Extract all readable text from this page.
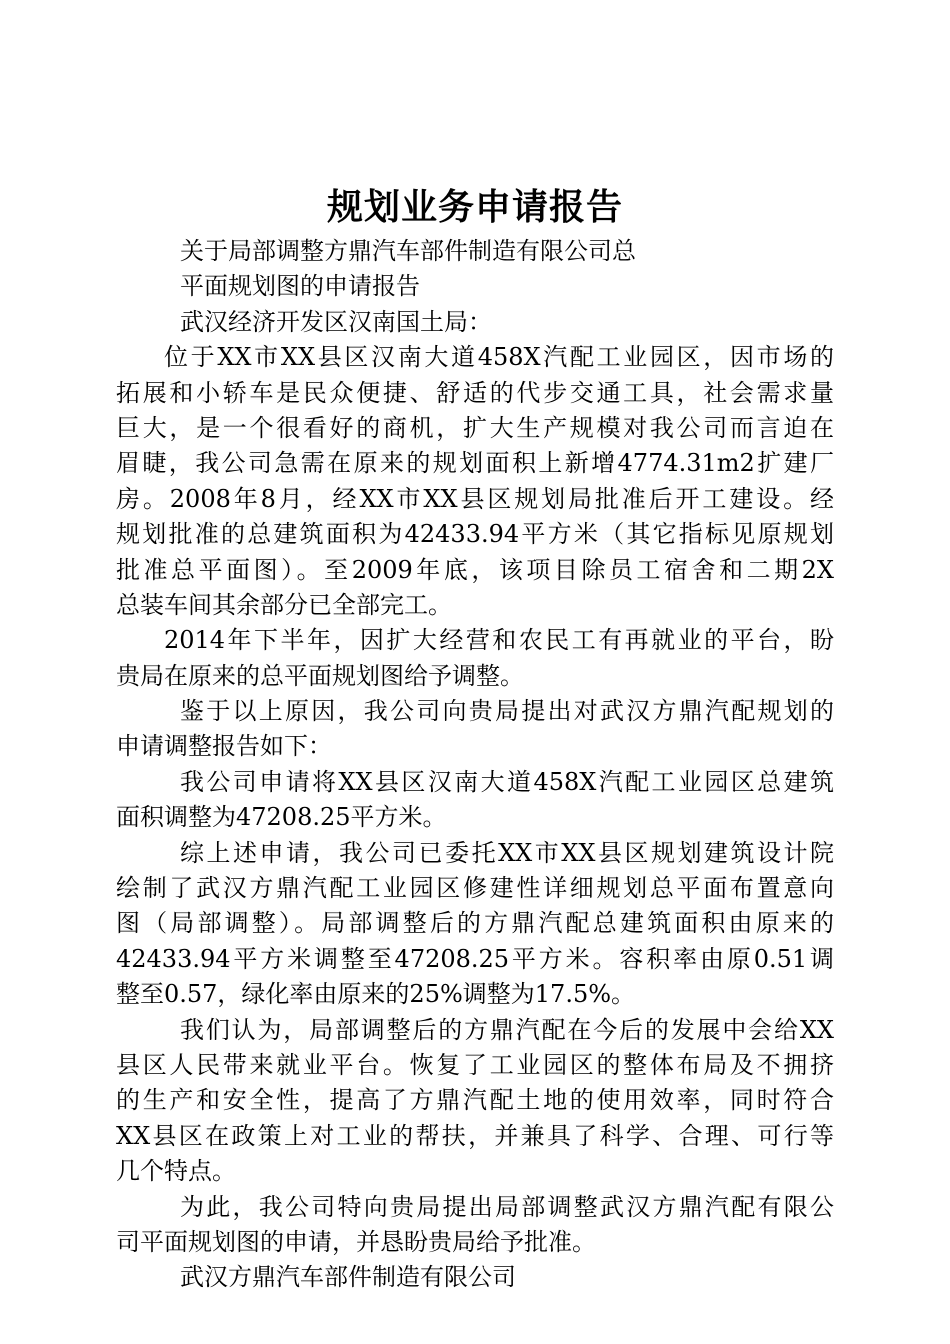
规划业务申请报告
关于局部调整方鼎汽车部件制造有限公司总
平面规划图的申请报告
武汉经济开发区汉南国土局：
位于XX市XX县区汉南大道458X汽配工业园区，因市场的
拓展和小轿车是民众便捷、舒适的代步交通工具，社会需求量
巨大，是一个很看好的商机，扩大生产规模对我公司而言迫在
眉睫，我公司急需在原来的规划面积上新增4774.31m2扩建厂
房。2008年8月，经XX市XX县区规划局批准后开工建设。经
规划批准的总建筑面积为42433.94平方米（其它指标见原规划
批准总平面图）。至2009年底，该项目除员工宿舍和二期2X
总装车间其余部分已全部完工。
2014年下半年，因扩大经营和农民工有再就业的平台，盼
贵局在原来的总平面规划图给予调整。
鉴于以上原因，我公司向贵局提出对武汉方鼎汽配规划的
申请调整报告如下：
我公司申请将XX县区汉南大道458X汽配工业园区总建筑
面积调整为47208.25平方米。
综上述申请，我公司已委托XX市XX县区规划建筑设计院
绘制了武汉方鼎汽配工业园区修建性详细规划总平面布置意向
图（局部调整）。局部调整后的方鼎汽配总建筑面积由原来的
42433.94平方米调整至47208.25平方米。容积率由原0.51调
整至0.57，绿化率由原来的25%调整为17.5%。
我们认为，局部调整后的方鼎汽配在今后的发展中会给XX
县区人民带来就业平台。恢复了工业园区的整体布局及不拥挤
的生产和安全性，提高了方鼎汽配土地的使用效率，同时符合
XX县区在政策上对工业的帮扶，并兼具了科学、合理、可行等
几个特点。
为此，我公司特向贵局提出局部调整武汉方鼎汽配有限公
司平面规划图的申请，并恳盼贵局给予批准。
武汉方鼎汽车部件制造有限公司
